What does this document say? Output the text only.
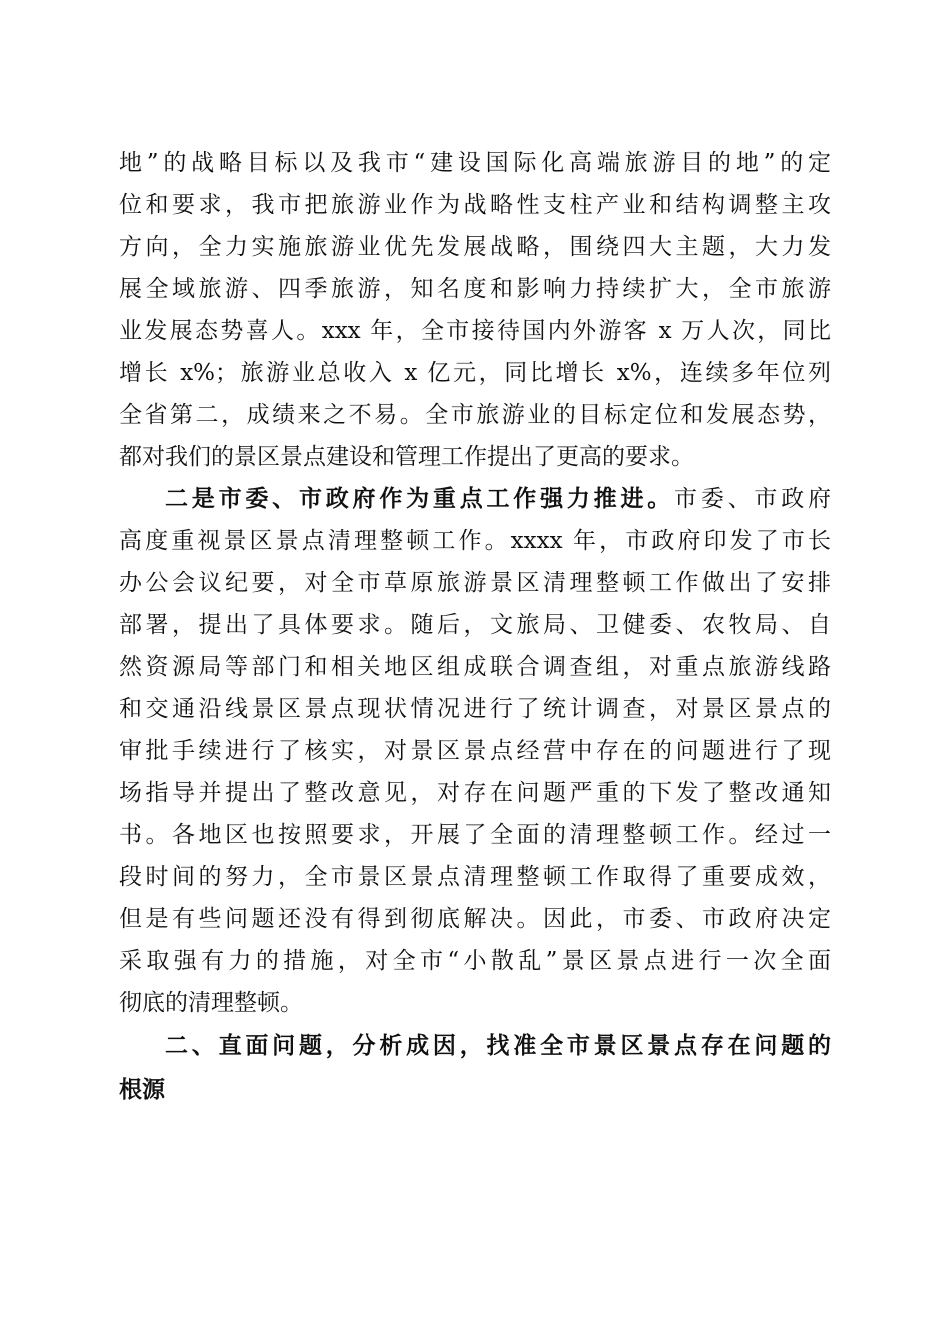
地”的战略目标以及我市“建设国际化高端旅游目的地”的定
位和要求，我市把旅游业作为战略性支柱产业和结构调整主攻
方向，全力实施旅游业优先发展战略，围绕四大主题，大力发
展全域旅游、四季旅游，知名度和影响力持续扩大，全市旅游
业发展态势喜人。xxx 年，全市接待国内外游客 x 万人次，同比
增长 x%；旅游业总收入 x 亿元，同比增长 x%，连续多年位列
全省第二，成绩来之不易。全市旅游业的目标定位和发展态势，
都对我们的景区景点建设和管理工作提出了更高的要求。
二是市委、市政府作为重点工作强力推进。市委、市政府
高度重视景区景点清理整顿工作。xxxx 年，市政府印发了市长
办公会议纪要，对全市草原旅游景区清理整顿工作做出了安排
部署，提出了具体要求。随后，文旅局、卫健委、农牧局、自
然资源局等部门和相关地区组成联合调查组，对重点旅游线路
和交通沿线景区景点现状情况进行了统计调查，对景区景点的
审批手续进行了核实，对景区景点经营中存在的问题进行了现
场指导并提出了整改意见，对存在问题严重的下发了整改通知
书。各地区也按照要求，开展了全面的清理整顿工作。经过一
段时间的努力，全市景区景点清理整顿工作取得了重要成效，
但是有些问题还没有得到彻底解决。因此，市委、市政府决定
采取强有力的措施，对全市“小散乱”景区景点进行一次全面
彻底的清理整顿。
二、直面问题，分析成因，找准全市景区景点存在问题的
根源
